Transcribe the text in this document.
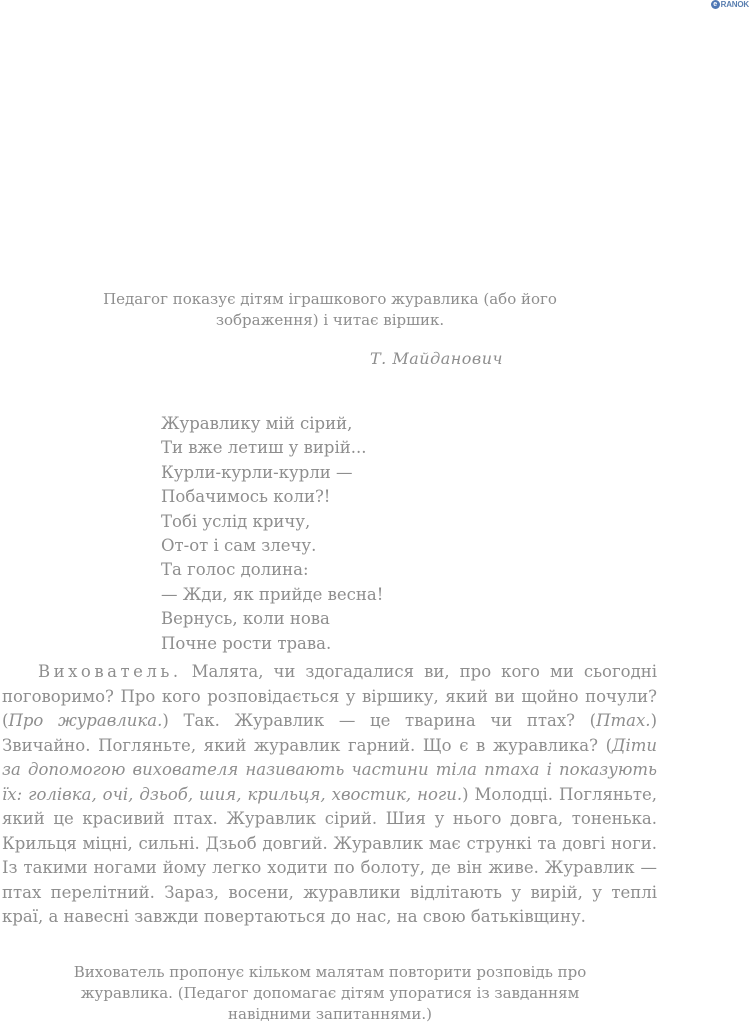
е RANOK
Педагог показує дітям іграшкового журавлика (або його зображення) і читає віршик.
Т. Майданович
Журавлику мій сірий,
Ти вже летиш у вирій...
Курли-курли-курли —
Побачимось коли?!
Тобі услід кричу,
От-от і сам злечу.
Та голос долина:
— Жди, як прийде весна!
Вернусь, коли нова
Почне рости трава.
Вихователь. Малята, чи здогадалися ви, про кого ми сьогодні поговоримо? Про кого розповідається у віршику, який ви щойно почули? (Про журавлика.) Так. Журавлик — це тварина чи птах? (Птах.) Звичайно. Погляньте, який журавлик гарний. Що є в журавлика? (Діти за допомогою вихователя називають частини тіла птаха і показують їх: голівка, очі, дзьоб, шия, крильця, хвостик, ноги.) Молодці. Погляньте, який це красивий птах. Журавлик сірий. Шия у нього довга, тоненька. Крильця міцні, сильні. Дзьоб довгий. Журавлик має стрункі та довгі ноги. Із такими ногами йому легко ходити по болоту, де він живе. Журавлик — птах перелітний. Зараз, восени, журавлики відлітають у вирій, у теплі краї, а навесні завжди повертаються до нас, на свою батьківщину.
Вихователь пропонує кільком малятам повторити розповідь про журавлика. (Педагог допомагає дітям упоратися із завданням навідними запитаннями.)
